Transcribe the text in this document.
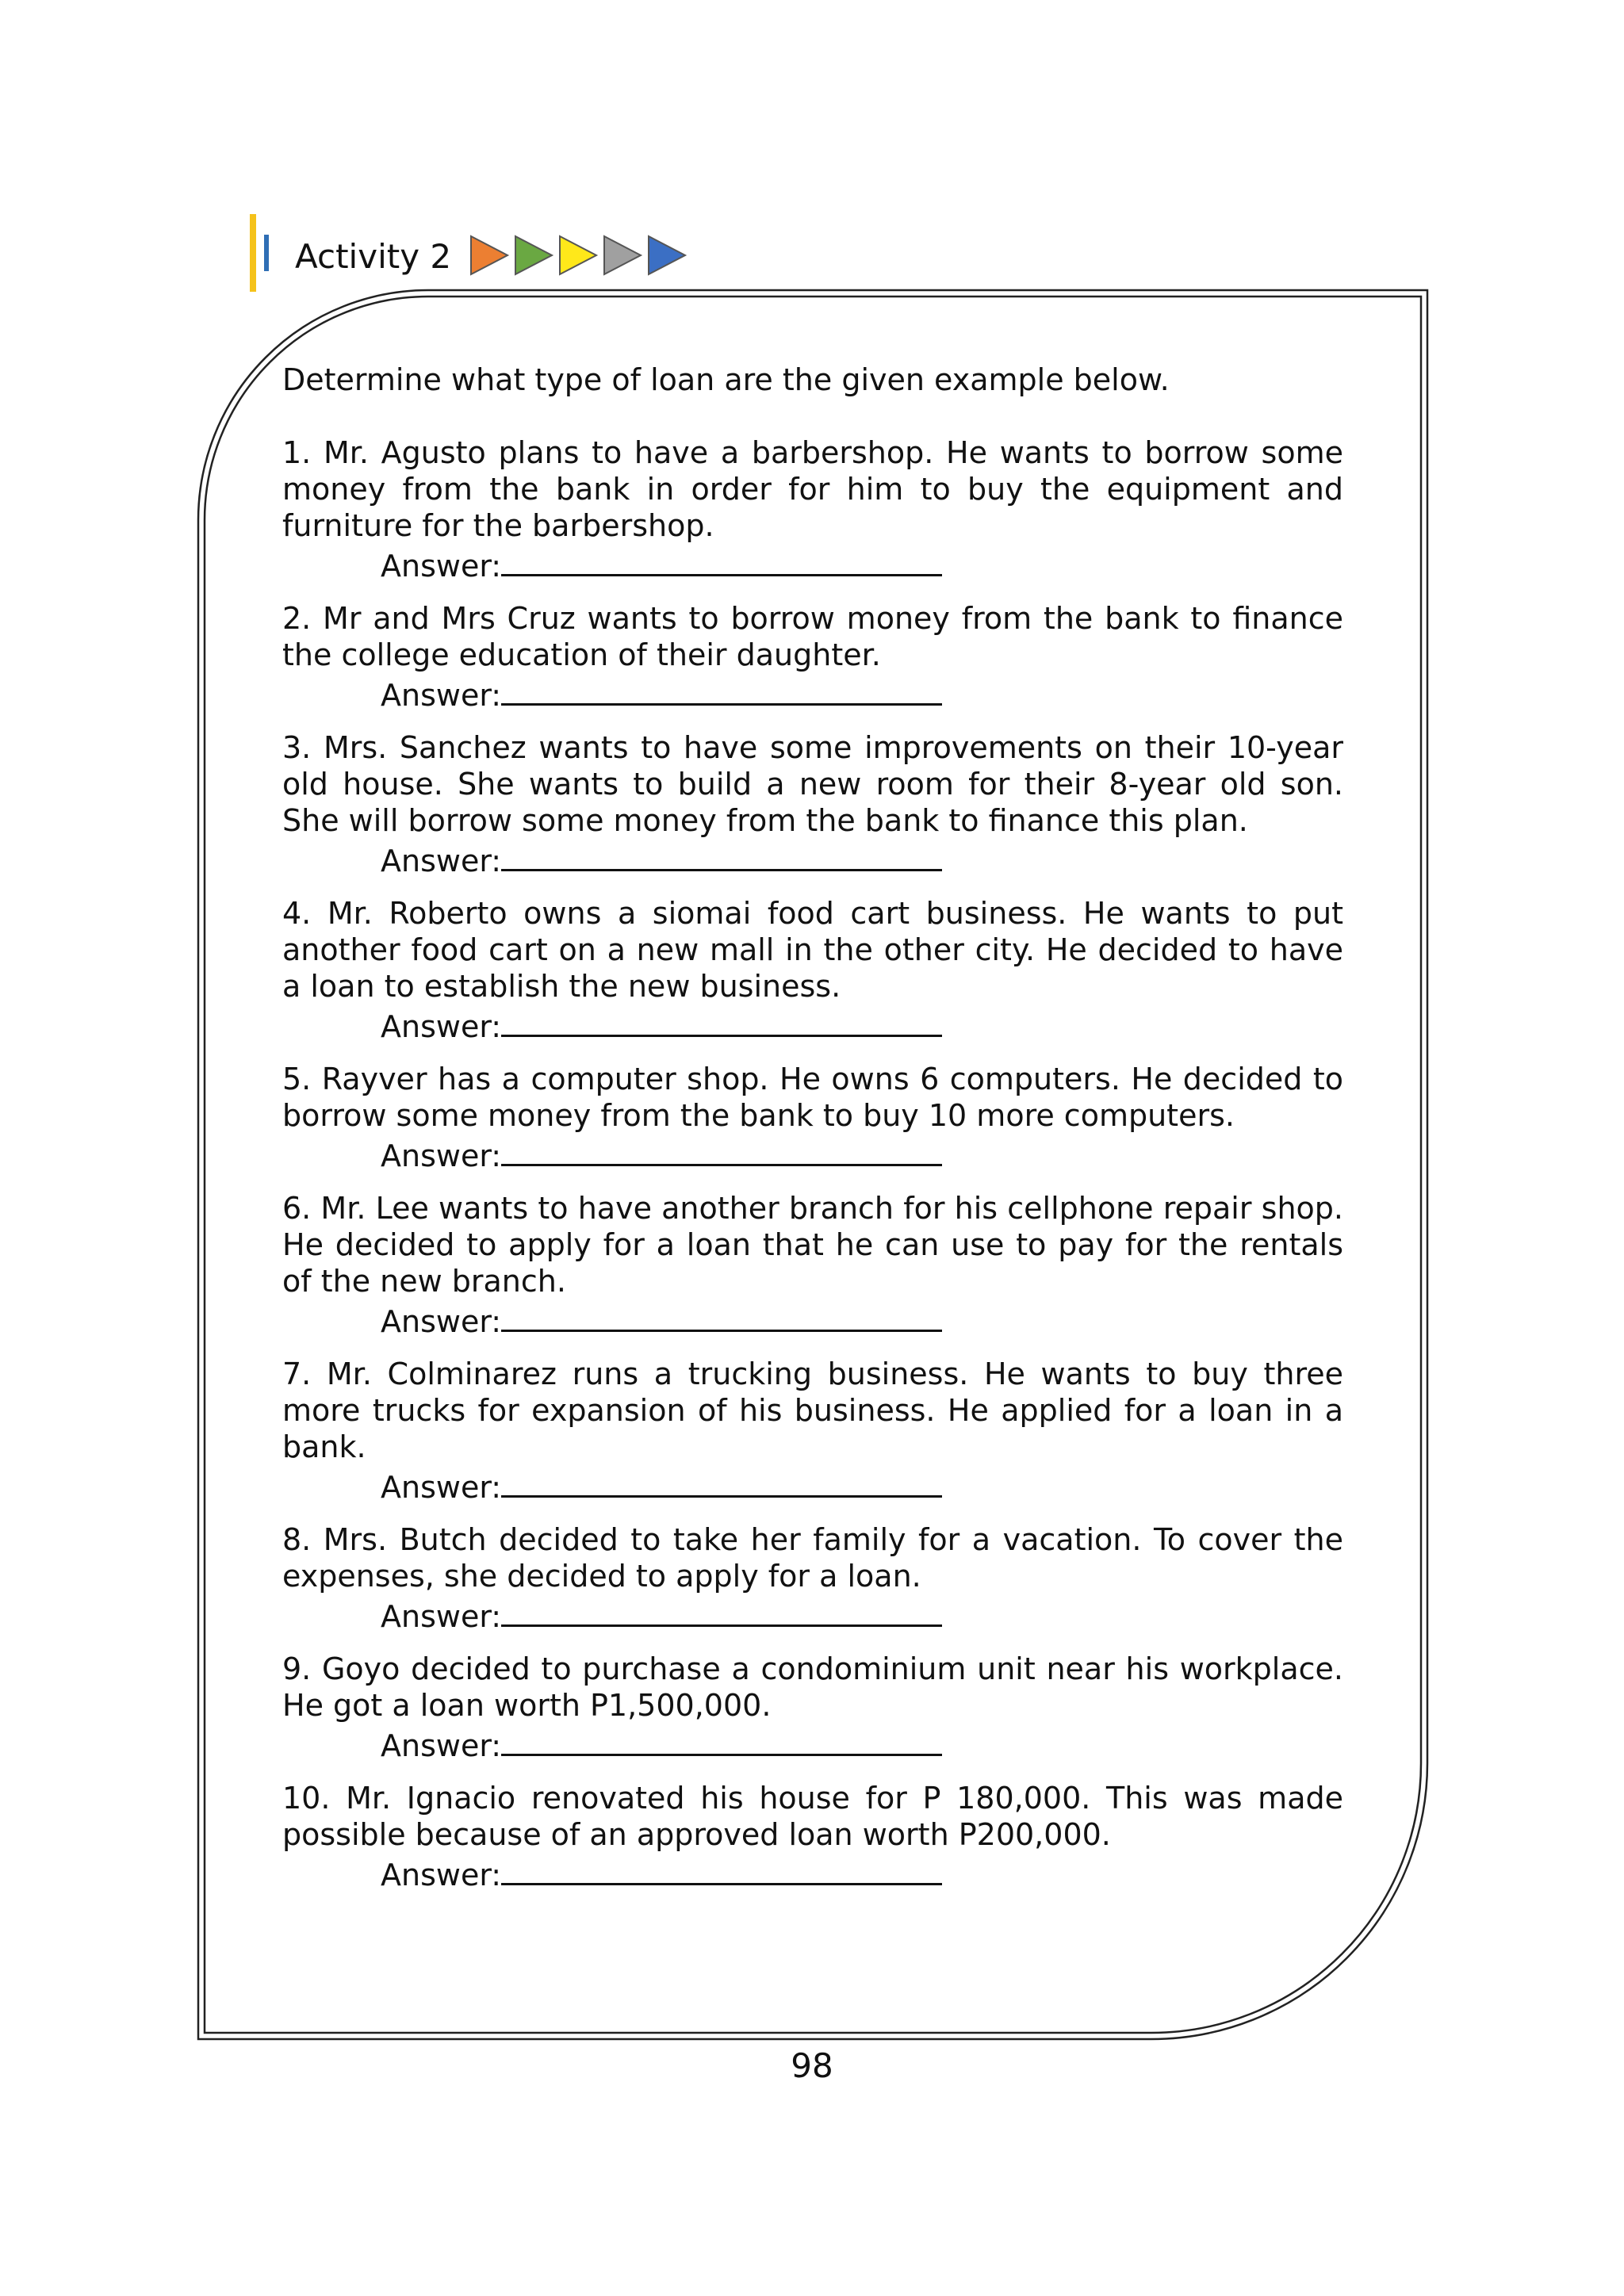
Activity 2

Determine what type of loan are the given example below.

1. Mr. Agusto plans to have a barbershop. He wants to borrow some money from the bank in order for him to buy the equipment and furniture for the barbershop.

Answer:

2. Mr and Mrs Cruz wants to borrow money from the bank to finance the college education of their daughter.

Answer:

3. Mrs. Sanchez wants to have some improvements on their 10-year old house. She wants to build a new room for their 8-year old son. She will borrow some money from the bank to finance this plan.

Answer:

4. Mr. Roberto owns a siomai food cart business. He wants to put another food cart on a new mall in the other city. He decided to have a loan to establish the new business.

Answer:

5. Rayver has a computer shop. He owns 6 computers. He decided to borrow some money from the bank to buy 10 more computers.

Answer:

6. Mr. Lee wants to have another branch for his cellphone repair shop. He decided to apply for a loan that he can use to pay for the rentals of the new branch.

Answer:

7. Mr. Colminarez runs a trucking business. He wants to buy three more trucks for expansion of his business. He applied for a loan in a bank.

Answer:

8. Mrs. Butch decided to take her family for a vacation. To cover the expenses, she decided to apply for a loan.

Answer:

9. Goyo decided to purchase a condominium unit near his workplace. He got a loan worth P1,500,000.

Answer:

10. Mr. Ignacio renovated his house for P 180,000. This was made possible because of an approved loan worth P200,000.

Answer:
98
